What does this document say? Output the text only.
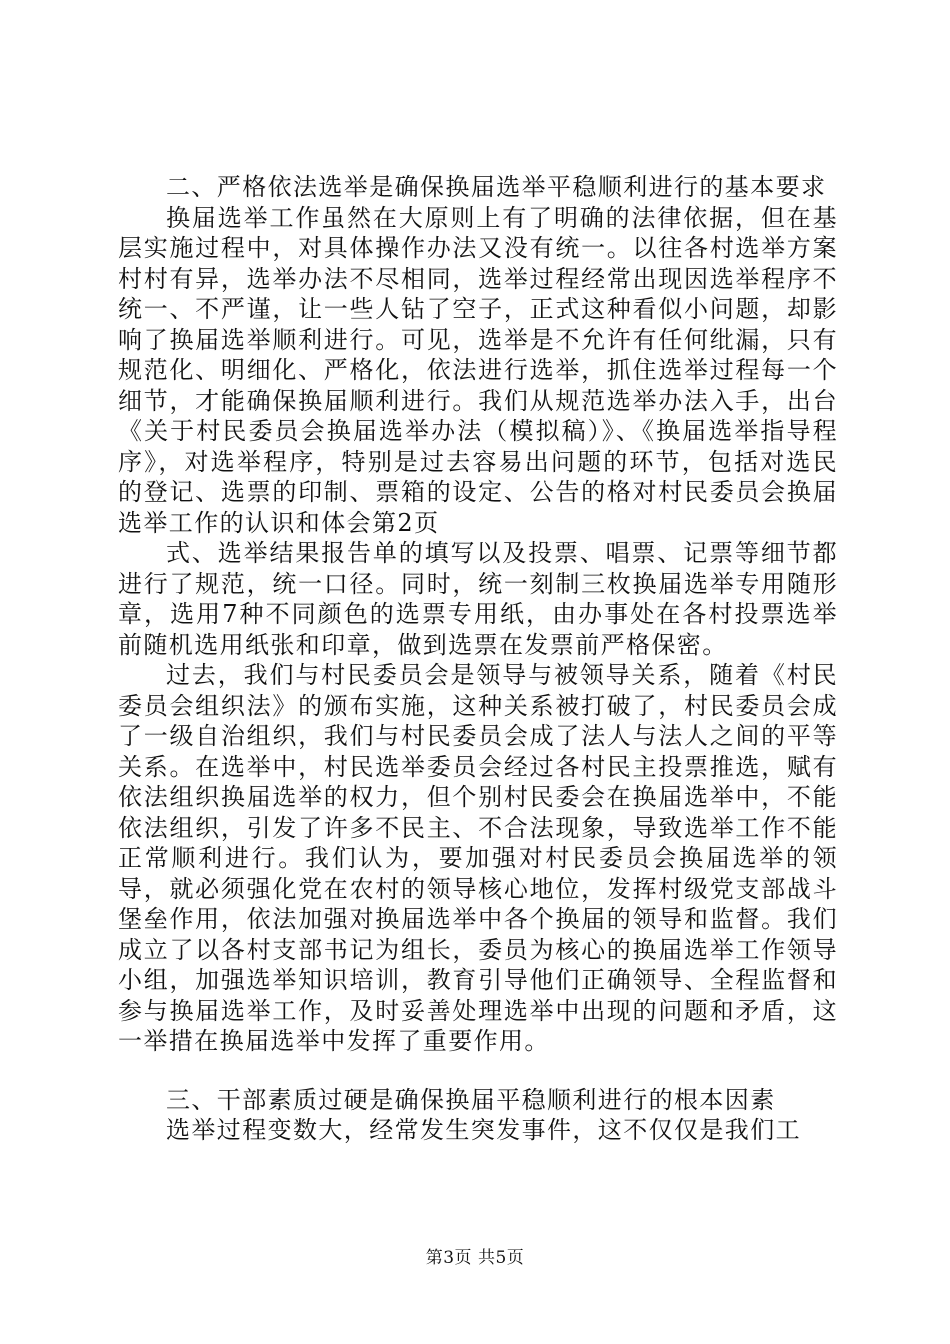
二、严格依法选举是确保换届选举平稳顺利进行的基本要求

换届选举工作虽然在大原则上有了明确的法律依据，但在基层实施过程中，对具体操作办法又没有统一。以往各村选举方案村村有异，选举办法不尽相同，选举过程经常出现因选举程序不统一、不严谨，让一些人钻了空子，正式这种看似小问题，却影响了换届选举顺利进行。可见，选举是不允许有任何纰漏，只有规范化、明细化、严格化，依法进行选举，抓住选举过程每一个细节，才能确保换届顺利进行。我们从规范选举办法入手，出台《关于村民委员会换届选举办法（模拟稿）》、《换届选举指导程序》，对选举程序，特别是过去容易出问题的环节，包括对选民的登记、选票的印制、票箱的设定、公告的格对村民委员会换届选举工作的认识和体会第2页

式、选举结果报告单的填写以及投票、唱票、记票等细节都进行了规范，统一口径。同时，统一刻制三枚换届选举专用随形章，选用7种不同颜色的选票专用纸，由办事处在各村投票选举前随机选用纸张和印章，做到选票在发票前严格保密。

过去，我们与村民委员会是领导与被领导关系，随着《村民委员会组织法》的颁布实施，这种关系被打破了，村民委员会成了一级自治组织，我们与村民委员会成了法人与法人之间的平等关系。在选举中，村民选举委员会经过各村民主投票推选，赋有依法组织换届选举的权力，但个别村民委会在换届选举中，不能依法组织，引发了许多不民主、不合法现象，导致选举工作不能正常顺利进行。我们认为，要加强对村民委员会换届选举的领导，就必须强化党在农村的领导核心地位，发挥村级党支部战斗堡垒作用，依法加强对换届选举中各个换届的领导和监督。我们成立了以各村支部书记为组长，委员为核心的换届选举工作领导小组，加强选举知识培训，教育引导他们正确领导、全程监督和参与换届选举工作，及时妥善处理选举中出现的问题和矛盾，这一举措在换届选举中发挥了重要作用。

三、干部素质过硬是确保换届平稳顺利进行的根本因素

选举过程变数大，经常发生突发事件，这不仅仅是我们工

第3页 共5页
